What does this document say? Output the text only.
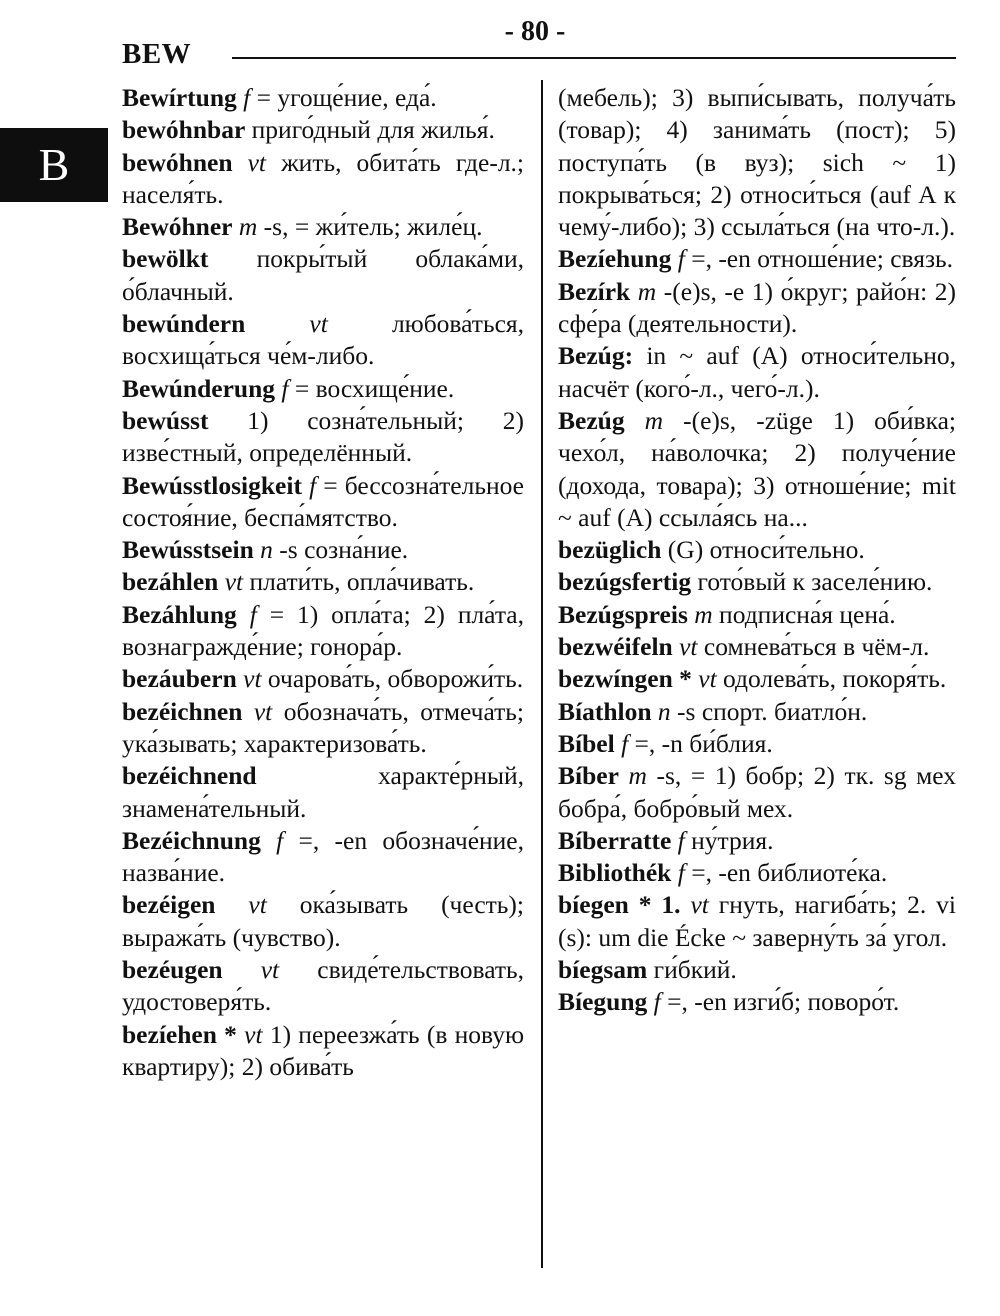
BEW
- 80 -
B
Bewírtung f = угоще́ние, еда́.
bewóhnbar приго́дный для жилья́.
bewóhnen vt жить, обита́ть где-л.; населя́ть.
Bewóhner m -s, = жи́тель; жиле́ц.
bewölkt покры́тый облака́ми, о́блачный.
bewúndern	vt	любова́ться, восхища́ться че́м-либо.
Bewúnderung f = восхище́ние.
bewússt 1) созна́тельный; 2) изве́стный, определённый.
Bewússtlosigkeit f = бессозна́тельное состоя́ние, беспа́мятство.
Bewússtsein n -s созна́ние.
bezáhlen vt плати́ть, опла́чивать.
Bezáhlung f = 1) опла́та; 2) пла́та, вознагражде́ние; гонора́р.
bezáubern vt очарова́ть, обворожи́ть.
bezéichnen vt обознача́ть, отмеча́ть; ука́зывать; характеризова́ть.
bezéichnend	характе́рный, знамена́тельный.
Bezéichnung f =, -en обозначе́ние, назва́ние.
bezéigen vt ока́зывать (честь); выража́ть (чувство).
bezéugen vt свиде́тельствовать, удостоверя́ть.
bezíehen * vt 1) переезжа́ть (в новую квартиру); 2) обива́ть
(мебель); 3) выпи́сывать, получа́ть (товар); 4) занима́ть (пост); 5) поступа́ть (в вуз); sich ~ 1) покрыва́ться; 2) относи́ться (auf A к чему́-либо); 3) ссыла́ться (на что-л.).
Bezíehung f =, -en отноше́ние; связь.
Bezírk m -(e)s, -e 1) о́круг; райо́н: 2) сфе́ра (деятельности).
Bezúg: in ~ auf (A) относи́тельно, насчёт (кого́-л., чего́-л.).
Bezúg m -(e)s, -züge 1) оби́вка; чехо́л, на́волочка; 2) получе́ние (дохода, товара); 3) отноше́ние; mit ~ auf (A) ссыла́ясь на...
bezüglich (G) относи́тельно.
bezúgsfertig гото́вый к заселе́нию.
Bezúgspreis m подписна́я цена́.
bezwéifeln vt сомнева́ться в чём-л.
bezwíngen * vt одолева́ть, покоря́ть.
Bíathlon n -s спорт. биатло́н.
Bíbel f =, -n би́блия.
Bíber m -s, = 1) бобр; 2) тк. sg мех бобра́, бобро́вый мех.
Bíberratte f ну́трия.
Bibliothék f =, -en библиоте́ка.
bíegen * 1. vt гнуть, нагиба́ть; 2. vi (s): um die Écke ~ заверну́ть за́ угол.
bíegsam ги́бкий.
Bíegung f =, -en изги́б; поворо́т.
